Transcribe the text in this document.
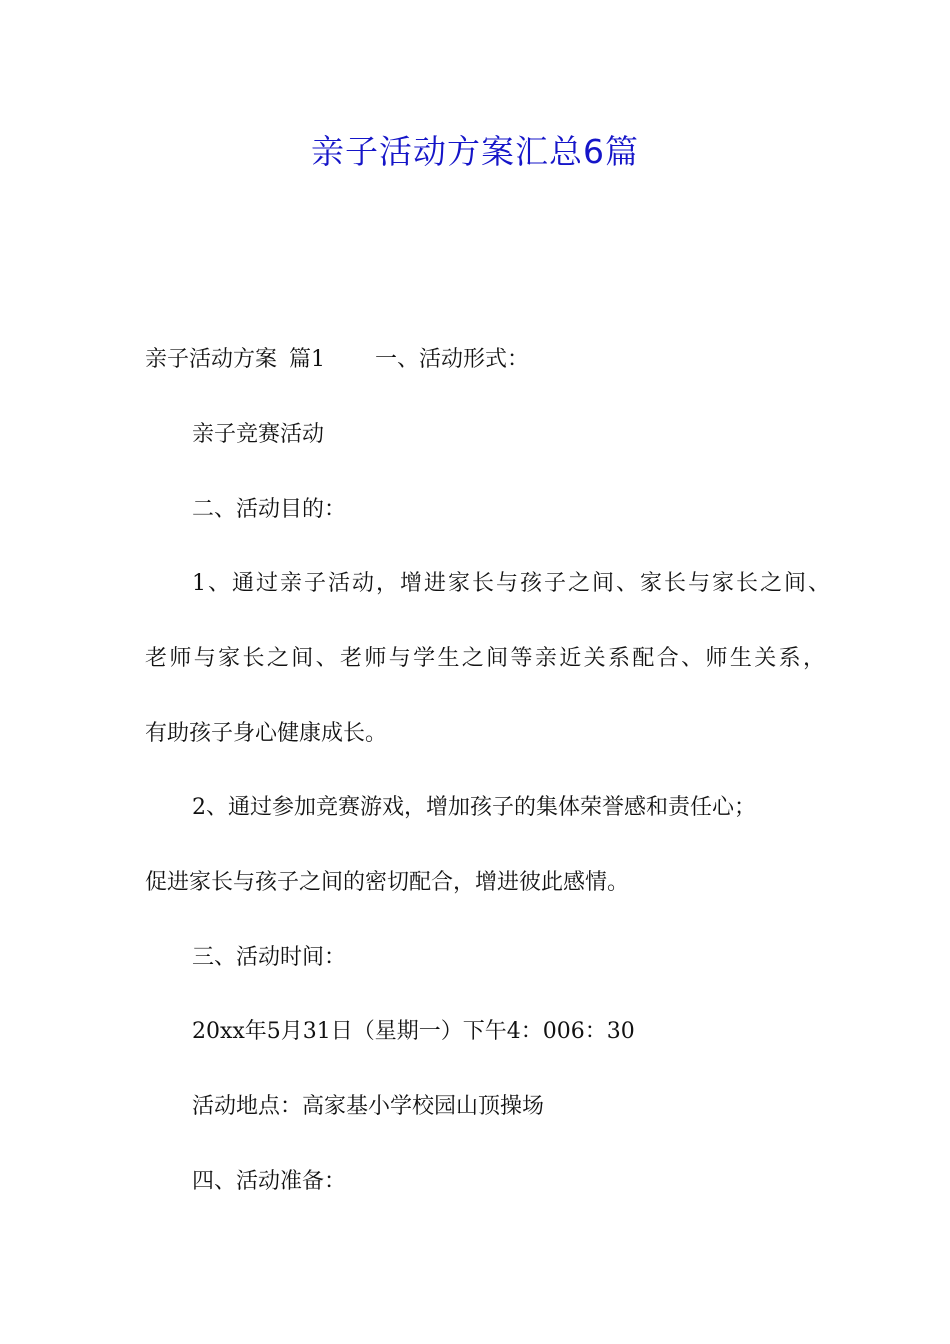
亲子活动方案汇总6篇
亲子活动方案 篇1 一、活动形式：
亲子竞赛活动
二、活动目的：
1、通过亲子活动，增进家长与孩子之间、家长与家长之间、
老师与家长之间、老师与学生之间等亲近关系配合、师生关系，
有助孩子身心健康成长。
2、通过参加竞赛游戏，增加孩子的集体荣誉感和责任心；
促进家长与孩子之间的密切配合，增进彼此感情。
三、活动时间：
20xx年5月31日（星期一）下午4：006：30
活动地点：高家基小学校园山顶操场
四、活动准备：
